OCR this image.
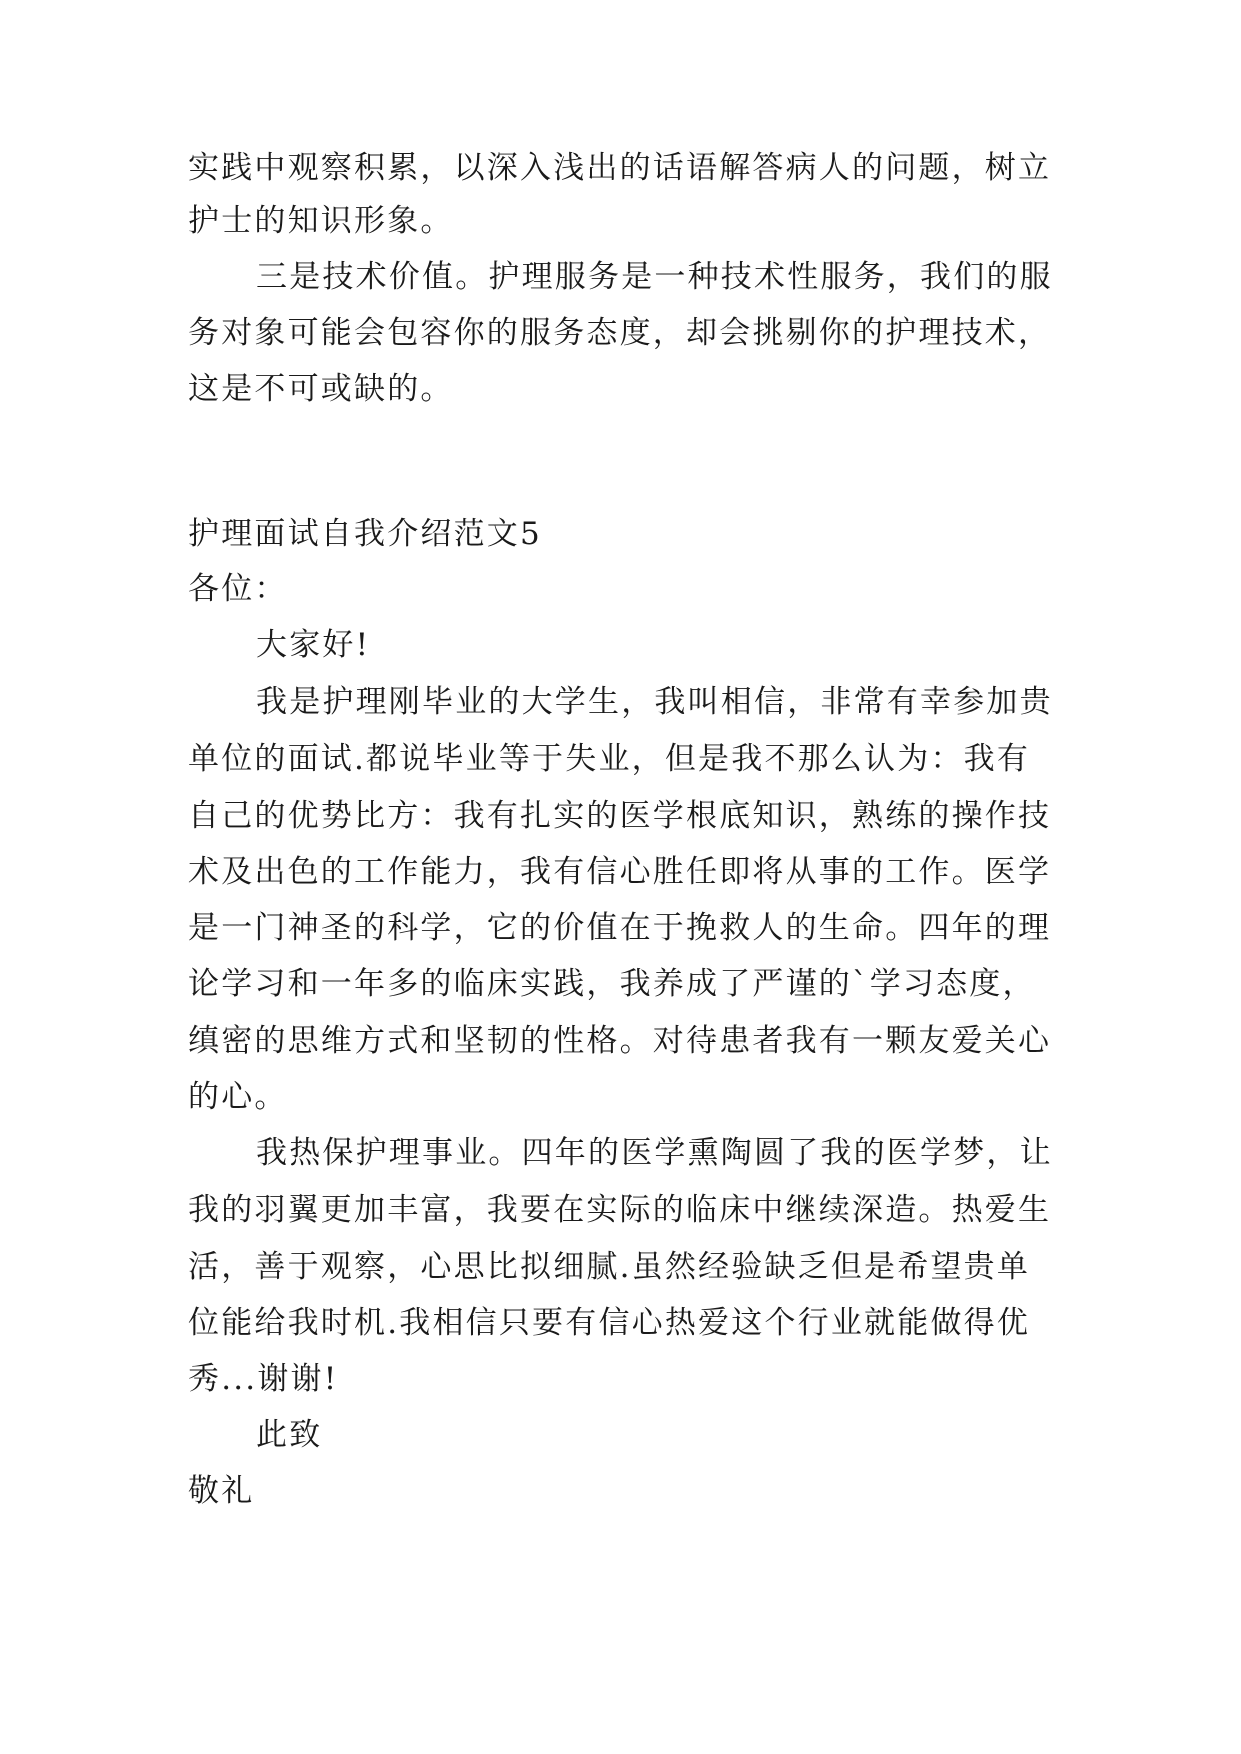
实践中观察积累，以深入浅出的话语解答病人的问题，树立
护士的知识形象。
三是技术价值。护理服务是一种技术性服务，我们的服
务对象可能会包容你的服务态度，却会挑剔你的护理技术，
这是不可或缺的。
护理面试自我介绍范文5
各位：
大家好!
我是护理刚毕业的大学生，我叫相信，非常有幸参加贵
单位的面试.都说毕业等于失业，但是我不那么认为：我有
自己的优势比方：我有扎实的医学根底知识，熟练的操作技
术及出色的工作能力，我有信心胜任即将从事的工作。医学
是一门神圣的科学，它的价值在于挽救人的生命。四年的理
论学习和一年多的临床实践，我养成了严谨的`学习态度，
缜密的思维方式和坚韧的性格。对待患者我有一颗友爱关心
的心。
我热保护理事业。四年的医学熏陶圆了我的医学梦，让
我的羽翼更加丰富，我要在实际的临床中继续深造。热爱生
活，善于观察，心思比拟细腻.虽然经验缺乏但是希望贵单
位能给我时机.我相信只要有信心热爱这个行业就能做得优
秀...谢谢!
此致
敬礼
